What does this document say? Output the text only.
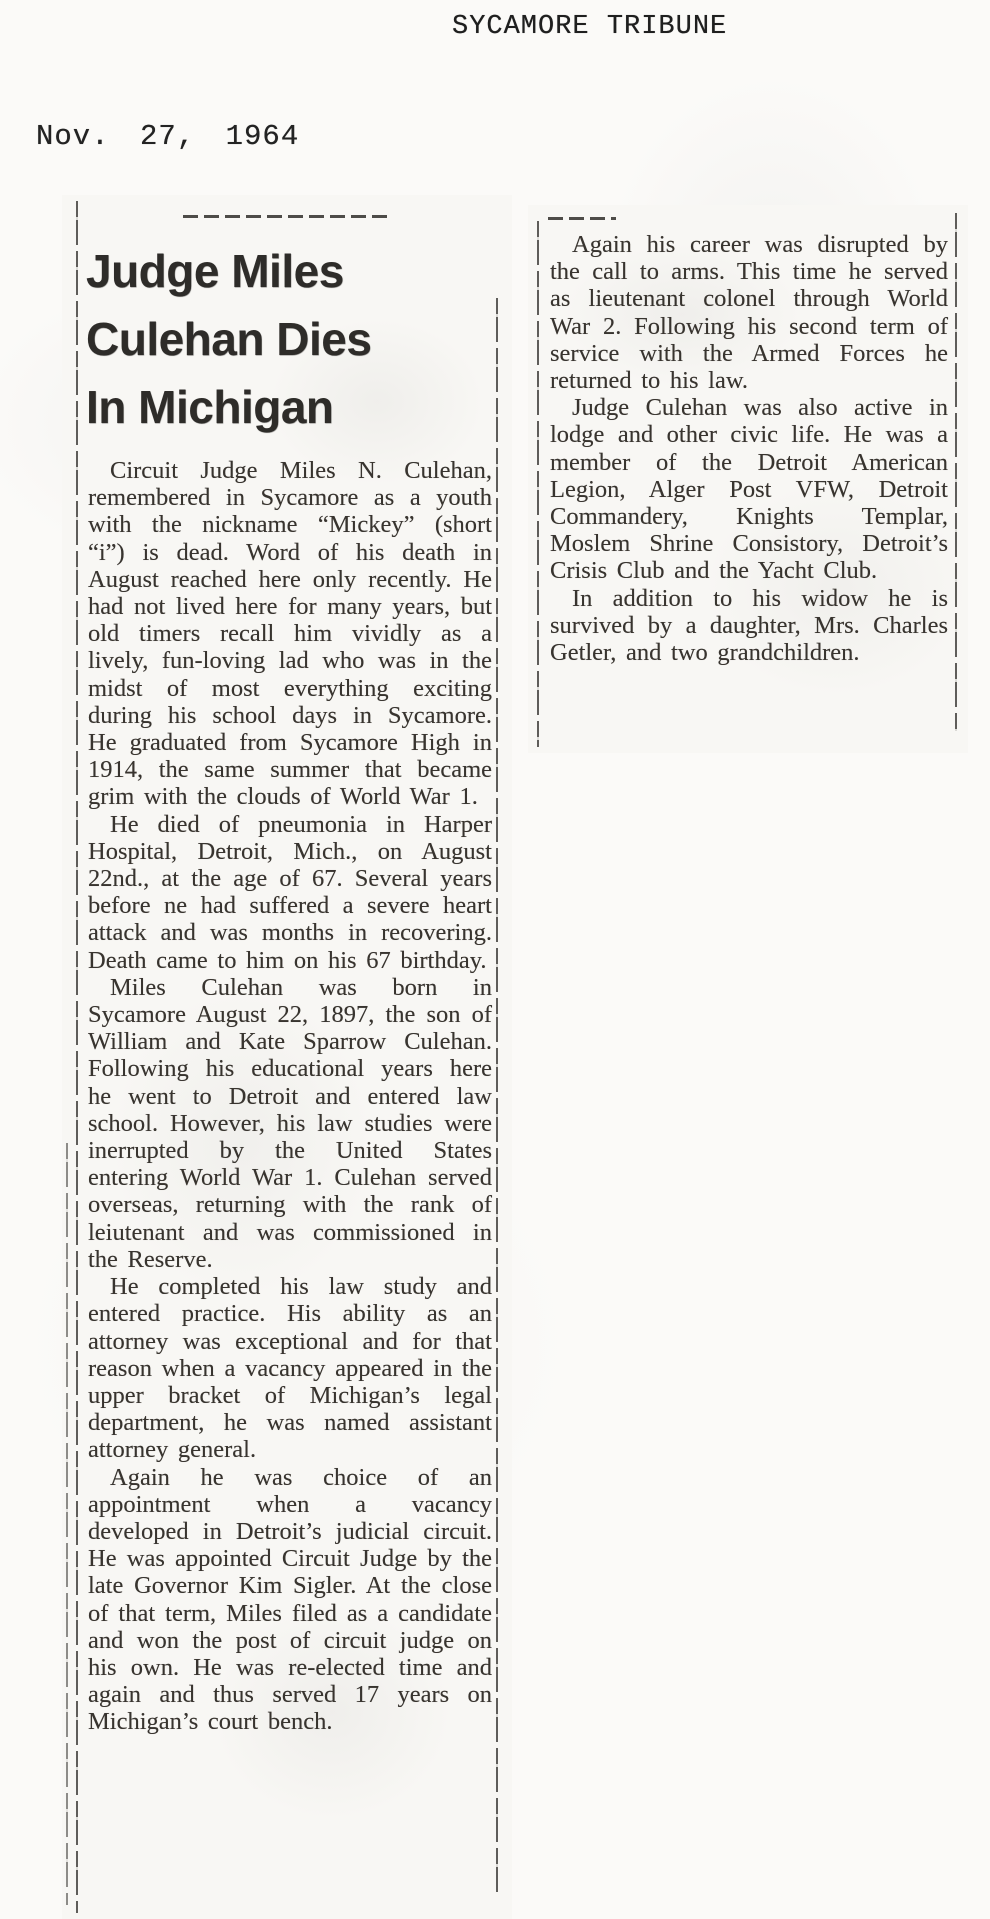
SYCAMORE TRIBUNE
Nov. 27, 1964
Judge Miles
Culehan Dies
In Michigan

Circuit Judge Miles N. Culehan, remembered in Sycamore as a youth with the nickname “Mickey” (short “i”) is dead. Word of his death in August reached here only recently. He had not lived here for many years, but old timers recall him vividly as a lively, fun-loving lad who was in the midst of most everything exciting during his school days in Sycamore. He graduated from Sycamore High in 1914, the same summer that became grim with the clouds of World War 1.

He died of pneumonia in Harper Hospital, Detroit, Mich., on August 22nd., at the age of 67. Several years before ne had suffered a severe heart attack and was months in recovering. Death came to him on his 67 birthday.

Miles Culehan was born in Sycamore August 22, 1897, the son of William and Kate Sparrow Culehan. Following his educational years here he went to Detroit and entered law school. However, his law studies were inerrupted by the United States entering World War 1. Culehan served overseas, returning with the rank of leiutenant and was commissioned in the Reserve.

He completed his law study and entered practice. His ability as an attorney was exceptional and for that reason when a vacancy appeared in the upper bracket of Michigan’s legal department, he was named assistant attorney general.

Again he was choice of an appointment when a vacancy developed in Detroit’s judicial circuit. He was appointed Circuit Judge by the late Governor Kim Sigler. At the close of that term, Miles filed as a candidate and won the post of circuit judge on his own. He was re-elected time and again and thus served 17 years on Michigan’s court bench.

Again his career was disrupted by the call to arms. This time he served as lieutenant colonel through World War 2. Following his second term of service with the Armed Forces he returned to his law.

Judge Culehan was also active in lodge and other civic life. He was a member of the Detroit American Legion, Alger Post VFW, Detroit Commandery, Knights Templar, Moslem Shrine Consistory, Detroit’s Crisis Club and the Yacht Club.

In addition to his widow he is survived by a daughter, Mrs. Charles Getler, and two grandchildren.
